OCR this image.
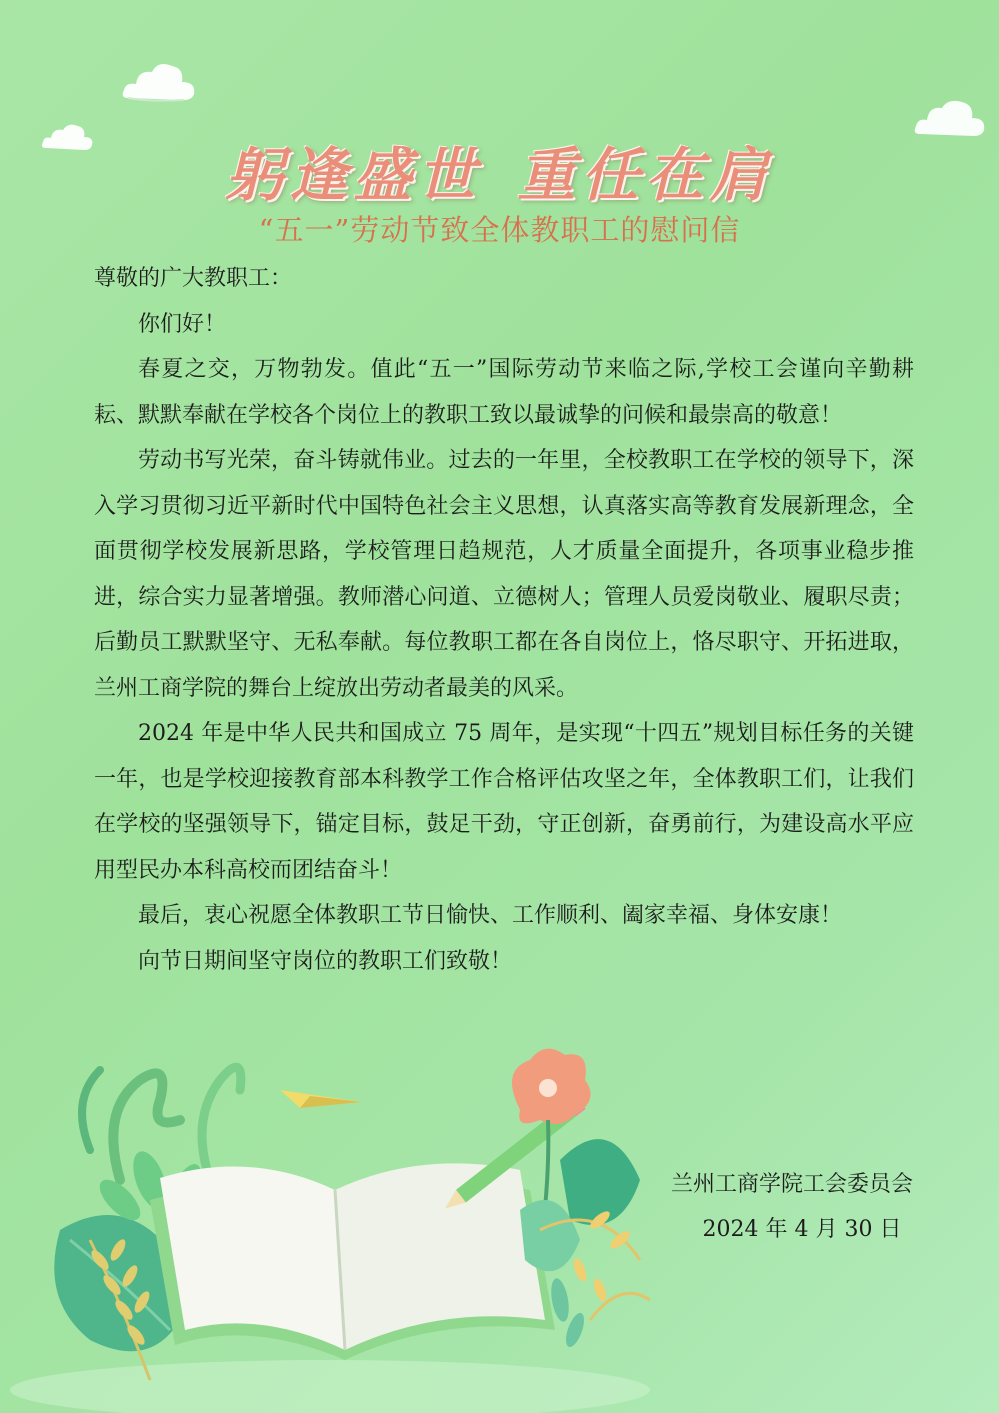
躬逢盛世 重任在肩
“五一”劳动节致全体教职工的慰问信

尊敬的广大教职工：

你们好！

春夏之交，万物勃发。值此“五一”国际劳动节来临之际,学校工会谨向辛勤耕耘、默默奉献在学校各个岗位上的教职工致以最诚挚的问候和最崇高的敬意！

劳动书写光荣，奋斗铸就伟业。过去的一年里，全校教职工在学校的领导下，深入学习贯彻习近平新时代中国特色社会主义思想，认真落实高等教育发展新理念，全面贯彻学校发展新思路，学校管理日趋规范，人才质量全面提升，各项事业稳步推进，综合实力显著增强。教师潜心问道、立德树人；管理人员爱岗敬业、履职尽责；后勤员工默默坚守、无私奉献。每位教职工都在各自岗位上，恪尽职守、开拓进取，兰州工商学院的舞台上绽放出劳动者最美的风采。

2024 年是中华人民共和国成立 75 周年，是实现“十四五”规划目标任务的关键一年，也是学校迎接教育部本科教学工作合格评估攻坚之年，全体教职工们，让我们在学校的坚强领导下，锚定目标，鼓足干劲，守正创新，奋勇前行，为建设高水平应用型民办本科高校而团结奋斗！

最后，衷心祝愿全体教职工节日愉快、工作顺利、阖家幸福、身体安康！

向节日期间坚守岗位的教职工们致敬！

兰州工商学院工会委员会
2024 年 4 月 30 日
